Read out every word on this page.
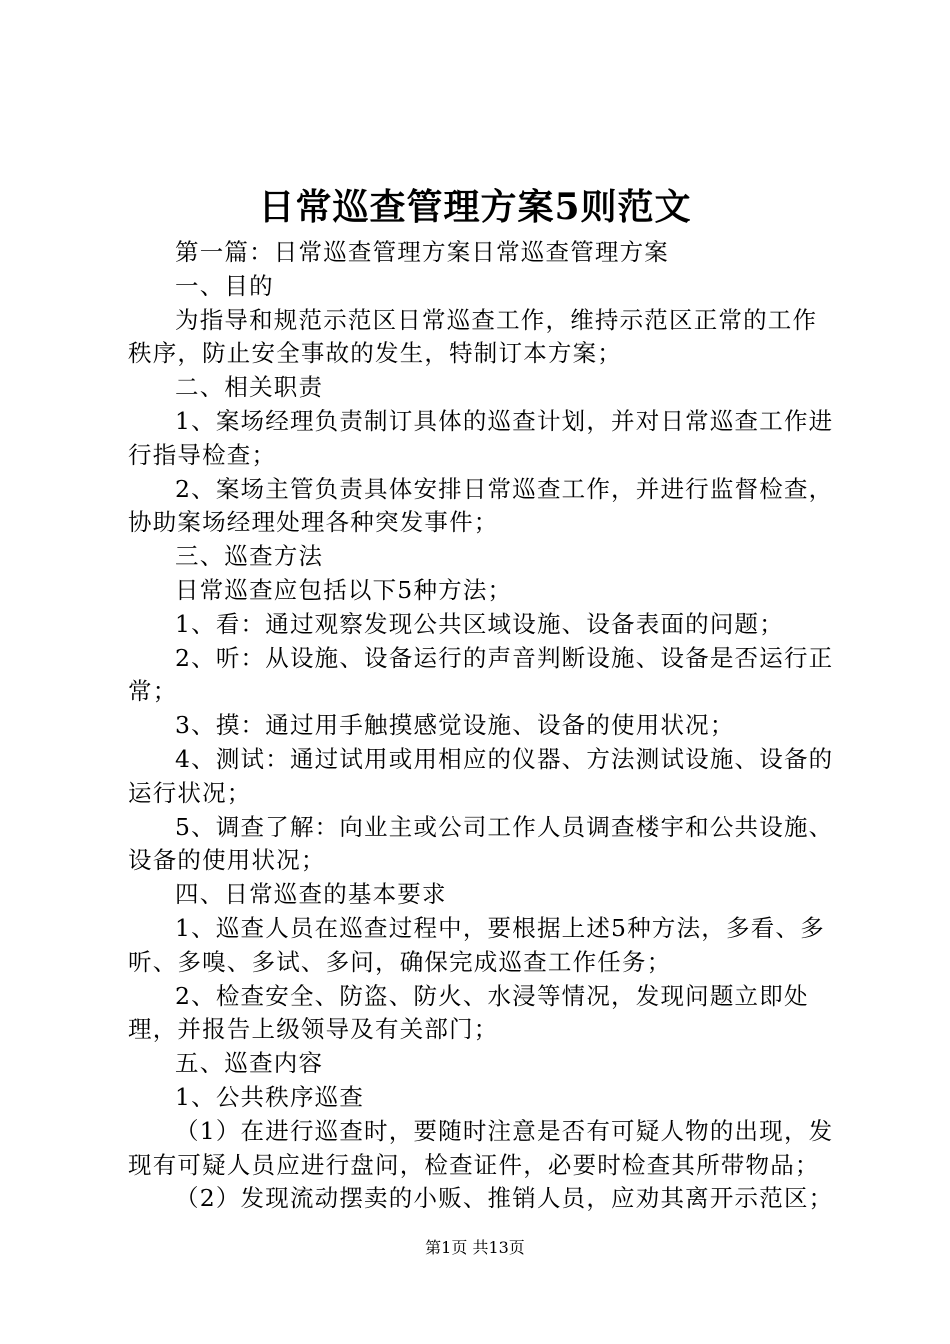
日常巡查管理方案5则范文

第一篇：日常巡查管理方案日常巡查管理方案

一、目的

为指导和规范示范区日常巡查工作，维持示范区正常的工作秩序，防止安全事故的发生，特制订本方案；

二、相关职责

1、案场经理负责制订具体的巡查计划，并对日常巡查工作进行指导检查；

2、案场主管负责具体安排日常巡查工作，并进行监督检查，协助案场经理处理各种突发事件；

三、巡查方法

日常巡查应包括以下5种方法；

1、看：通过观察发现公共区域设施、设备表面的问题；

2、听：从设施、设备运行的声音判断设施、设备是否运行正常；

3、摸：通过用手触摸感觉设施、设备的使用状况；

4、测试：通过试用或用相应的仪器、方法测试设施、设备的运行状况；

5、调查了解：向业主或公司工作人员调查楼宇和公共设施、设备的使用状况；

四、日常巡查的基本要求

1、巡查人员在巡查过程中，要根据上述5种方法，多看、多听、多嗅、多试、多问，确保完成巡查工作任务；

2、检查安全、防盗、防火、水浸等情况，发现问题立即处理，并报告上级领导及有关部门；

五、巡查内容

1、公共秩序巡查

（1）在进行巡查时，要随时注意是否有可疑人物的出现，发现有可疑人员应进行盘问，检查证件，必要时检查其所带物品；

（2）发现流动摆卖的小贩、推销人员，应劝其离开示范区；

第1页 共13页
